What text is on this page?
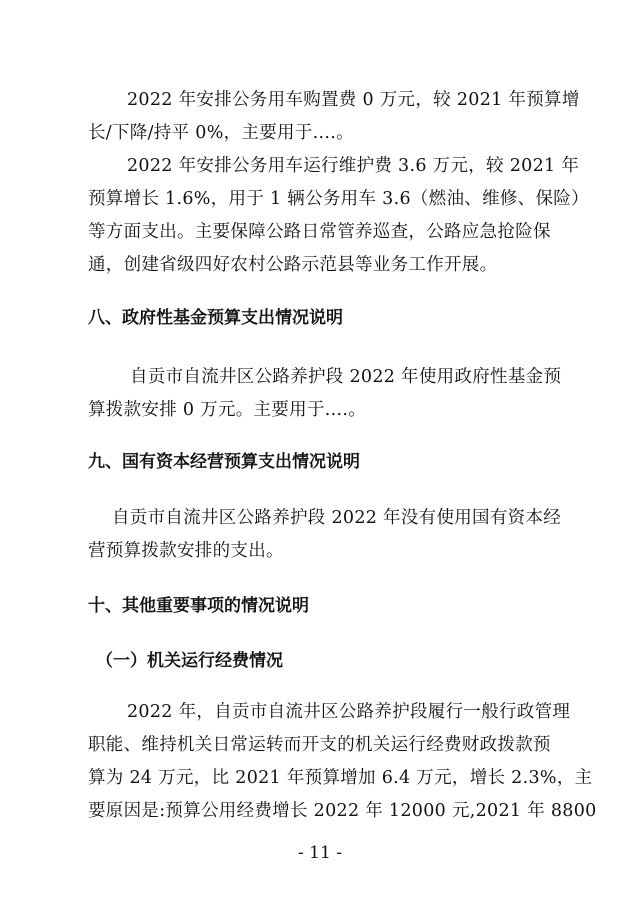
2022 年安排公务用车购置费 0 万元，较 2021 年预算增
长/下降/持平 0%，主要用于....。
2022 年安排公务用车运行维护费 3.6 万元，较 2021 年
预算增长 1.6%，用于 1 辆公务用车 3.6（燃油、维修、保险）
等方面支出。主要保障公路日常管养巡查，公路应急抢险保
通，创建省级四好农村公路示范县等业务工作开展。
八、政府性基金预算支出情况说明
自贡市自流井区公路养护段 2022 年使用政府性基金预
算拨款安排 0 万元。主要用于....。
九、国有资本经营预算支出情况说明
自贡市自流井区公路养护段 2022 年没有使用国有资本经
营预算拨款安排的支出。
十、其他重要事项的情况说明
（一）机关运行经费情况
2022 年，自贡市自流井区公路养护段履行一般行政管理
职能、维持机关日常运转而开支的机关运行经费财政拨款预
算为 24 万元，比 2021 年预算增加 6.4 万元，增长 2.3%，主
要原因是:预算公用经费增长 2022 年 12000 元,2021 年 8800
- 11 -
